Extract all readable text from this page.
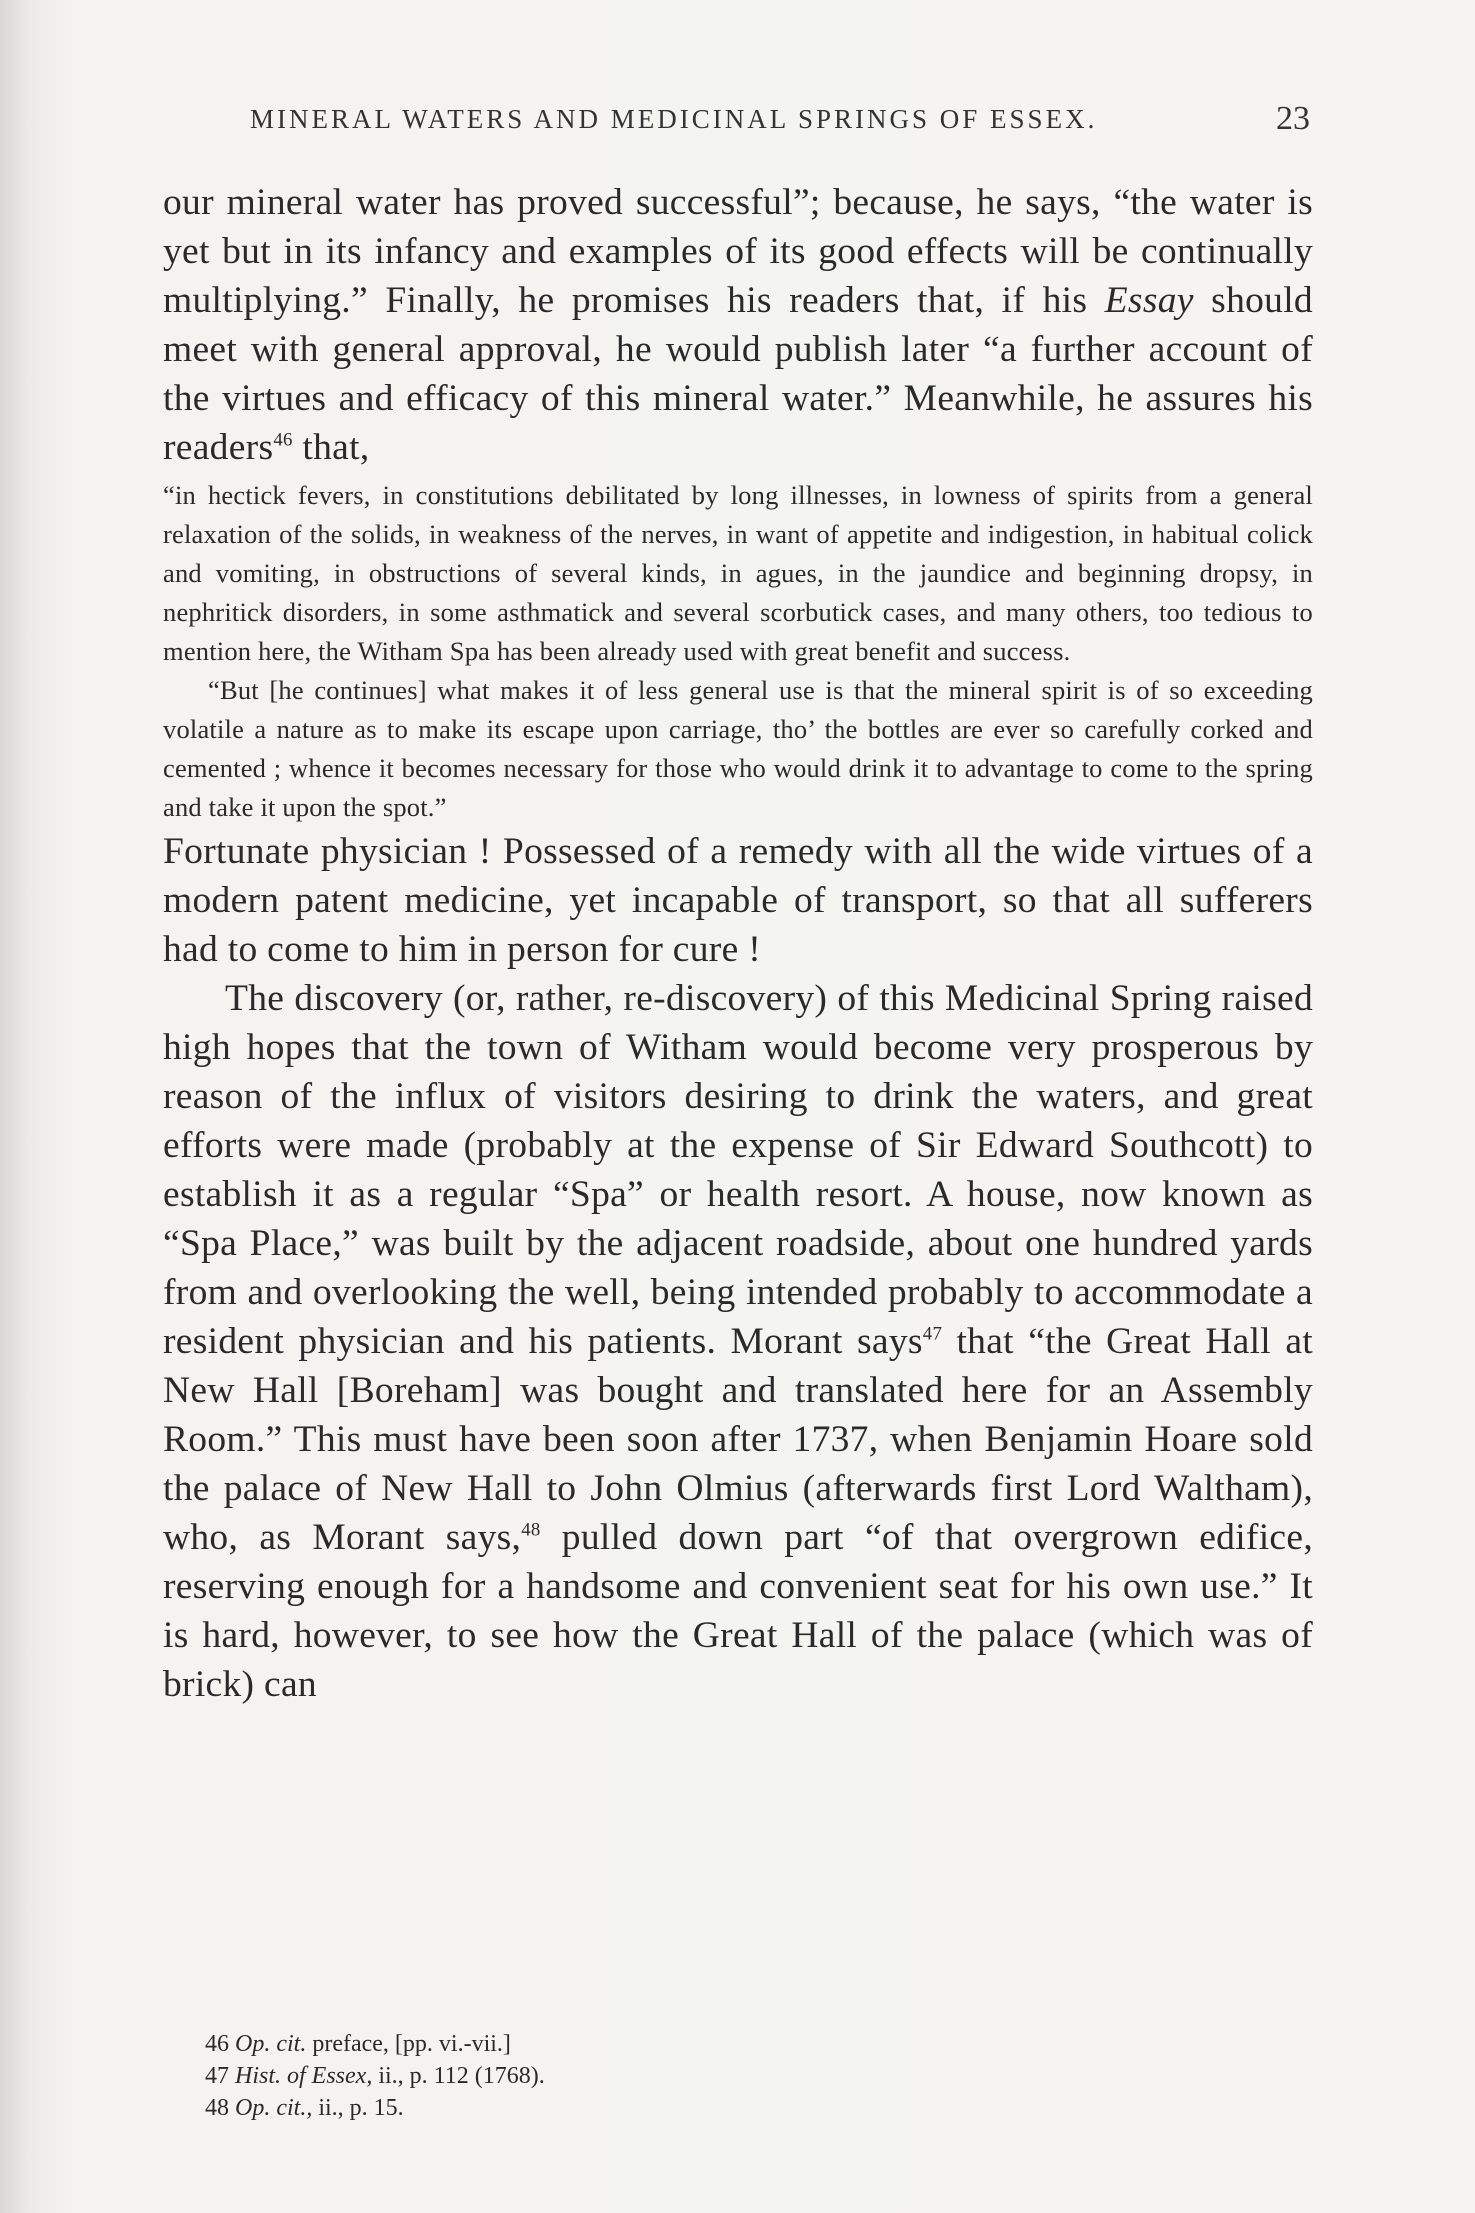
MINERAL WATERS AND MEDICINAL SPRINGS OF ESSEX.	23

our mineral water has proved successful”; because, he says, “the water is yet but in its infancy and examples of its good effects will be continually multiplying.” Finally, he promises his readers that, if his Essay should meet with general approval, he would publish later “a further account of the virtues and efficacy of this mineral water.” Meanwhile, he assures his readers$^{46}$ that,

“in hectick fevers, in constitutions debilitated by long illnesses, in lowness of spirits from a general relaxation of the solids, in weakness of the nerves, in want of appetite and indigestion, in habitual colick and vomiting, in obstructions of several kinds, in agues, in the jaundice and beginning dropsy, in nephritick disorders, in some asthmatick and several scorbutick cases, and many others, too tedious to mention here, the Witham Spa has been already used with great benefit and success.

“But [he continues] what makes it of less general use is that the mineral spirit is of so exceeding volatile a nature as to make its escape upon carriage, tho’ the bottles are ever so carefully corked and cemented ; whence it becomes necessary for those who would drink it to advantage to come to the spring and take it upon the spot.”

Fortunate physician ! Possessed of a remedy with all the wide virtues of a modern patent medicine, yet incapable of transport, so that all sufferers had to come to him in person for cure !

The discovery (or, rather, re-discovery) of this Medicinal Spring raised high hopes that the town of Witham would become very prosperous by reason of the influx of visitors desiring to drink the waters, and great efforts were made (probably at the expense of Sir Edward Southcott) to establish it as a regular “Spa” or health resort. A house, now known as “Spa Place,” was built by the adjacent roadside, about one hundred yards from and overlooking the well, being intended probably to accommodate a resident physician and his patients. Morant says$^{47}$ that “the Great Hall at New Hall [Boreham] was bought and translated here for an Assembly Room.” This must have been soon after 1737, when Benjamin Hoare sold the palace of New Hall to John Olmius (afterwards first Lord Waltham), who, as Morant says,$^{48}$ pulled down part “of that overgrown edifice, reserving enough for a handsome and convenient seat for his own use.” It is hard, however, to see how the Great Hall of the palace (which was of brick) can

46 Op. cit. preface, [pp. vi.-vii.]
47 Hist. of Essex, ii., p. 112 (1768).
48 Op. cit., ii., p. 15.
